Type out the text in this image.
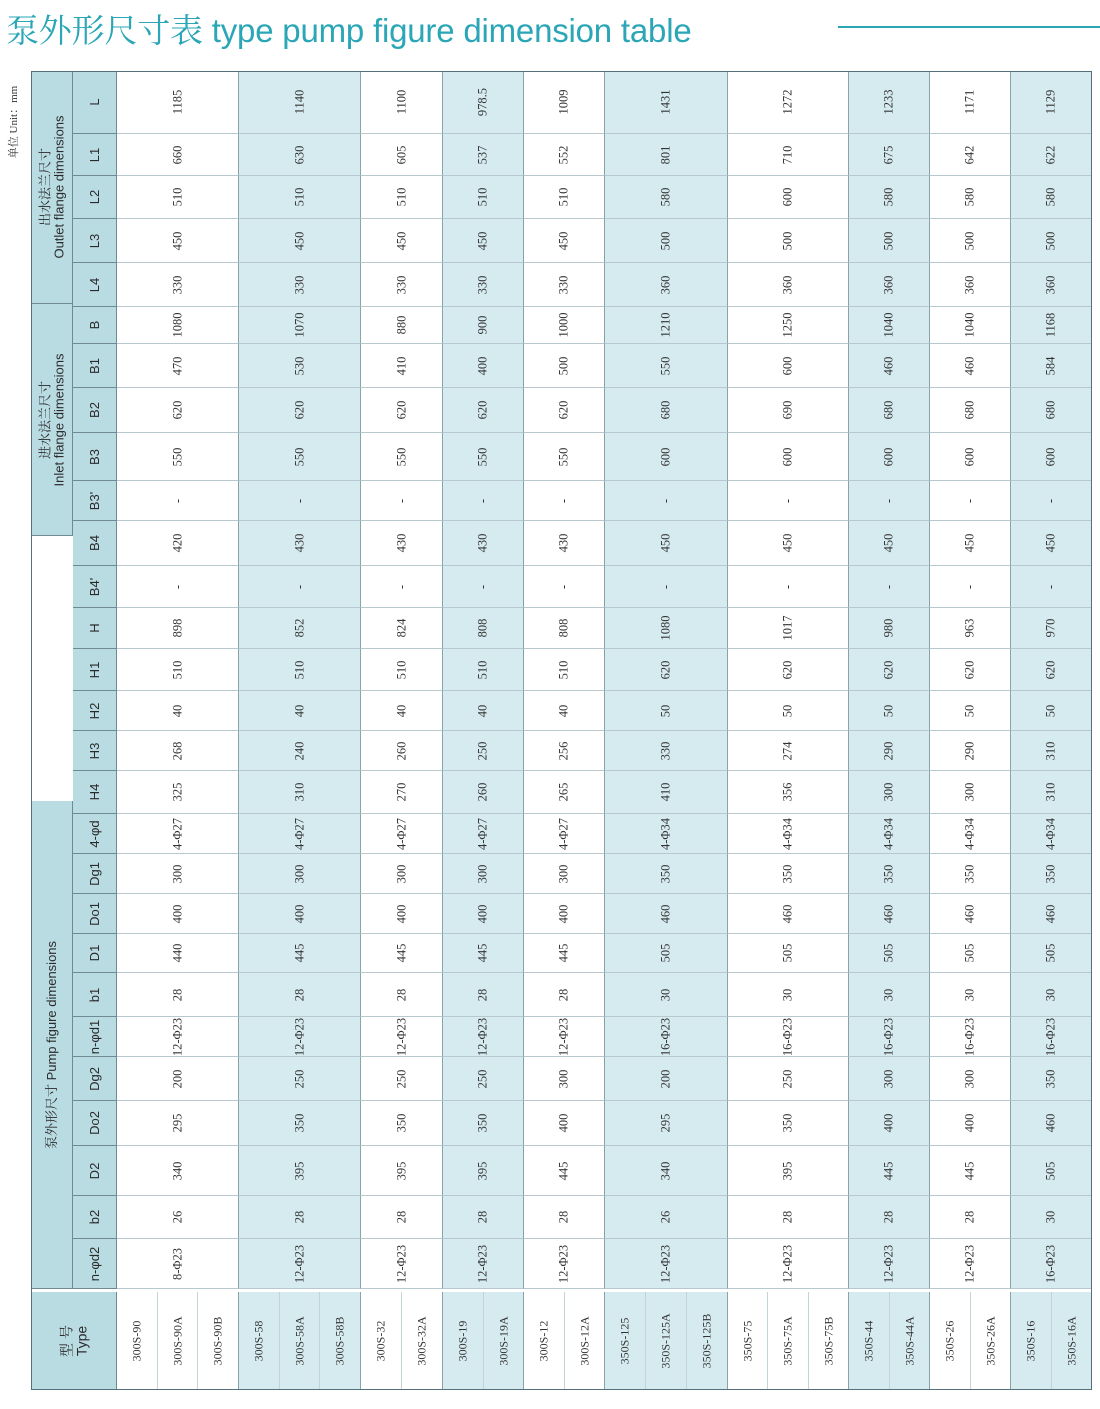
泵外形尺寸表 type pump figure dimension table
单位 Unit：mm
泵外形尺寸 Pump figure dimensions
进水法兰尺寸
Inlet flange dimensions
出水法兰尺寸
Outlet flange dimensions
L
L1
L2
L3
L4
B
B1
B2
B3
B3'
B4
B4'
H
H1
H2
H3
H4
4-φd
Dg1
Do1
D1
b1
n-φd1
Dg2
Do2
D2
b2
n-φd2
型 号
Type
1185
660
510
450
330
1080
470
620
550
-
420
-
898
510
40
268
325
4-Φ27
300
400
440
28
12-Φ23
200
295
340
26
8-Φ23
300S-90 300S-90A 300S-90B
1140
630
510
450
330
1070
530
620
550
-
430
-
852
510
40
240
310
4-Φ27
300
400
445
28
12-Φ23
250
350
395
28
12-Φ23
300S-58 300S-58A 300S-58B
1100
605
510
450
330
880
410
620
550
-
430
-
824
510
40
260
270
4-Φ27
300
400
445
28
12-Φ23
250
350
395
28
12-Φ23
300S-32 300S-32A
978.5
537
510
450
330
900
400
620
550
-
430
-
808
510
40
250
260
4-Φ27
300
400
445
28
12-Φ23
250
350
395
28
12-Φ23
300S-19 300S-19A
1009
552
510
450
330
1000
500
620
550
-
430
-
808
510
40
256
265
4-Φ27
300
400
445
28
12-Φ23
300
400
445
28
12-Φ23
300S-12 300S-12A
1431
801
580
500
360
1210
550
680
600
-
450
-
1080
620
50
330
410
4-Φ34
350
460
505
30
16-Φ23
200
295
340
26
12-Φ23
350S-125 350S-125A 350S-125B
1272
710
600
500
360
1250
600
690
600
-
450
-
1017
620
50
274
356
4-Φ34
350
460
505
30
16-Φ23
250
350
395
28
12-Φ23
350S-75 350S-75A 350S-75B
1233
675
580
500
360
1040
460
680
600
-
450
-
980
620
50
290
300
4-Φ34
350
460
505
30
16-Φ23
300
400
445
28
12-Φ23
350S-44 350S-44A
1171
642
580
500
360
1040
460
680
600
-
450
-
963
620
50
290
300
4-Φ34
350
460
505
30
16-Φ23
300
400
445
28
12-Φ23
350S-26 350S-26A
1129
622
580
500
360
1168
584
680
600
-
450
-
970
620
50
310
310
4-Φ34
350
460
505
30
16-Φ23
350
460
505
30
16-Φ23
350S-16 350S-16A
